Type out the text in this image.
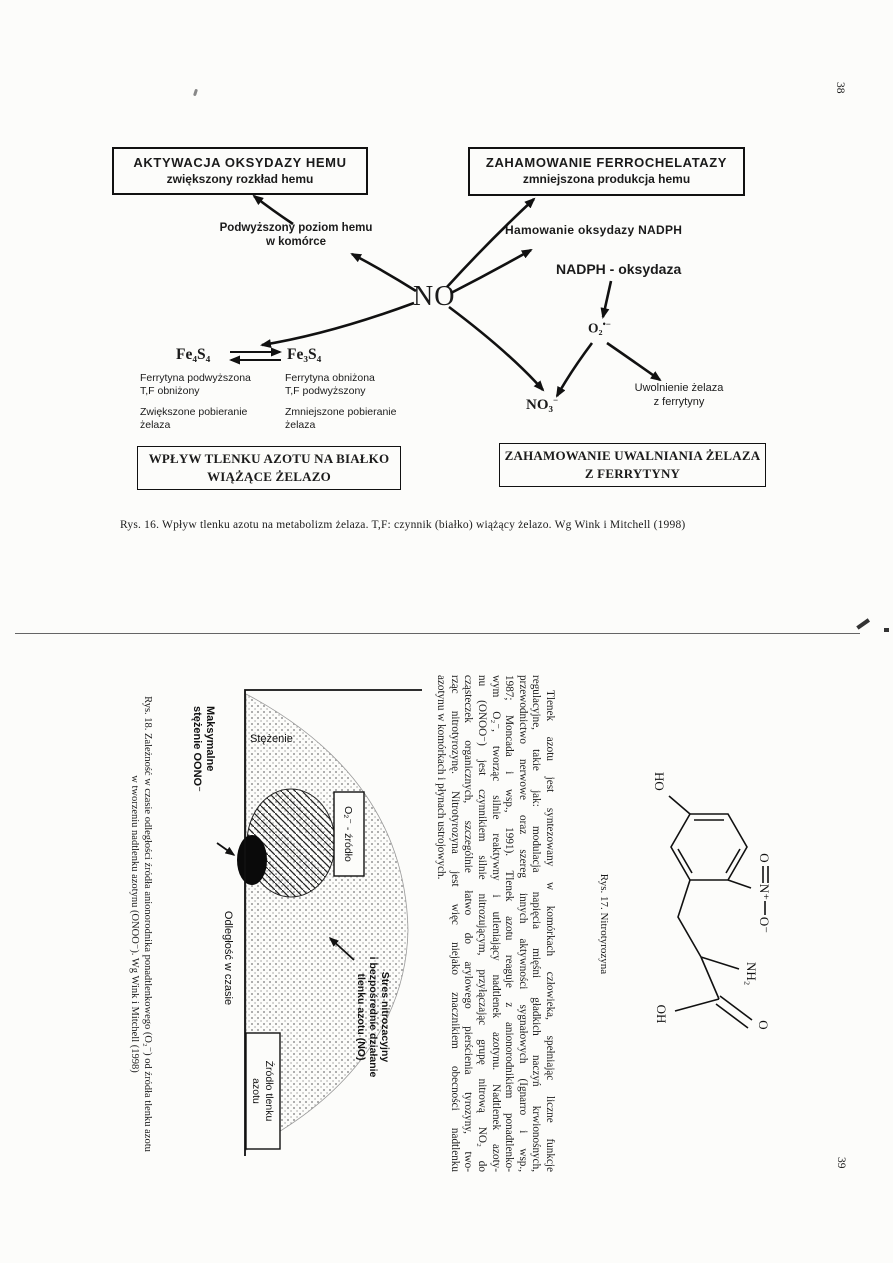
38
AKTYWACJA OKSYDAZY HEMU
zwiększony rozkład hemu
ZAHAMOWANIE FERROCHELATAZY
zmniejszona produkcja hemu
Podwyższony poziom hemu
w komórce
Hamowanie oksydazy NADPH
NADPH - oksydaza
NO
O₂•−
Fe₄S₄	Fe₃S₄
Ferrytyna podwyższona
T,F obniżony
Zwiększone pobieranie
żelaza
Ferrytyna obniżona
T,F podwyższony
Zmniejszone pobieranie
żelaza
NO₃−
Uwolnienie żelaza
z ferrytyny
WPŁYW TLENKU AZOTU NA BIAŁKO
WIĄŻĄCE ŻELAZO
ZAHAMOWANIE UWALNIANIA ŻELAZA
Z FERRYTYNY
Rys. 16. Wpływ tlenku azotu na metabolizm żelaza. T,F: czynnik (białko) wiążący żelazo. Wg Wink i Mitchell (1998)
HO
O
N⁺
O⁻
NH₂
O
OH
Rys. 17. Nitrotyrozyna
Tlenek azotu jest syntezowany w komórkach człowieka, spełniając liczne funkcje
regulacyjne, takie jak: modulacja napięcia mięśni gładkich naczyń krwionośnych,
przewodnictwo nerwowe oraz szereg innych aktywności sygnałowych (Ignarro i wsp.,
1987; Moncada i wsp., 1991). Tlenek azotu reaguje z anionorodnikiem ponadtlenko-
wym O₂⁻, tworząc silnie reaktywny i utleniający nadtlenek azotynu. Nadtlenek azoty-
nu (ONOO⁻) jest czynnikiem silnie nitrozującym, przyłączając grupę nitrową NO₂ do
cząsteczek organicznych, szczególnie łatwo do arylowego pierścienia tyrozyny, two-
rząc nitrotyrozynę. Nitrotyrozyna jest więc niejako znacznikiem obecności nadtlenku
azotynu w komórkach i płynach ustrojowych.
O₂⁻ - źródło
Źródło tlenku
azotu
Stężenie
Odległość w czasie
Maksymalne
stężenie OONO⁻
Stres nitrozacyjny
i bezpośrednie działanie
tlenku azotu (NO)
Rys. 18. Zależność w czasie odległości źródła anionorodnika ponadtlenkowego (O₂⁻) od źródła tlenku azotu
w tworzeniu nadtlenku azotynu (ONOO⁻). Wg Wink i Mitchell (1998)
39
